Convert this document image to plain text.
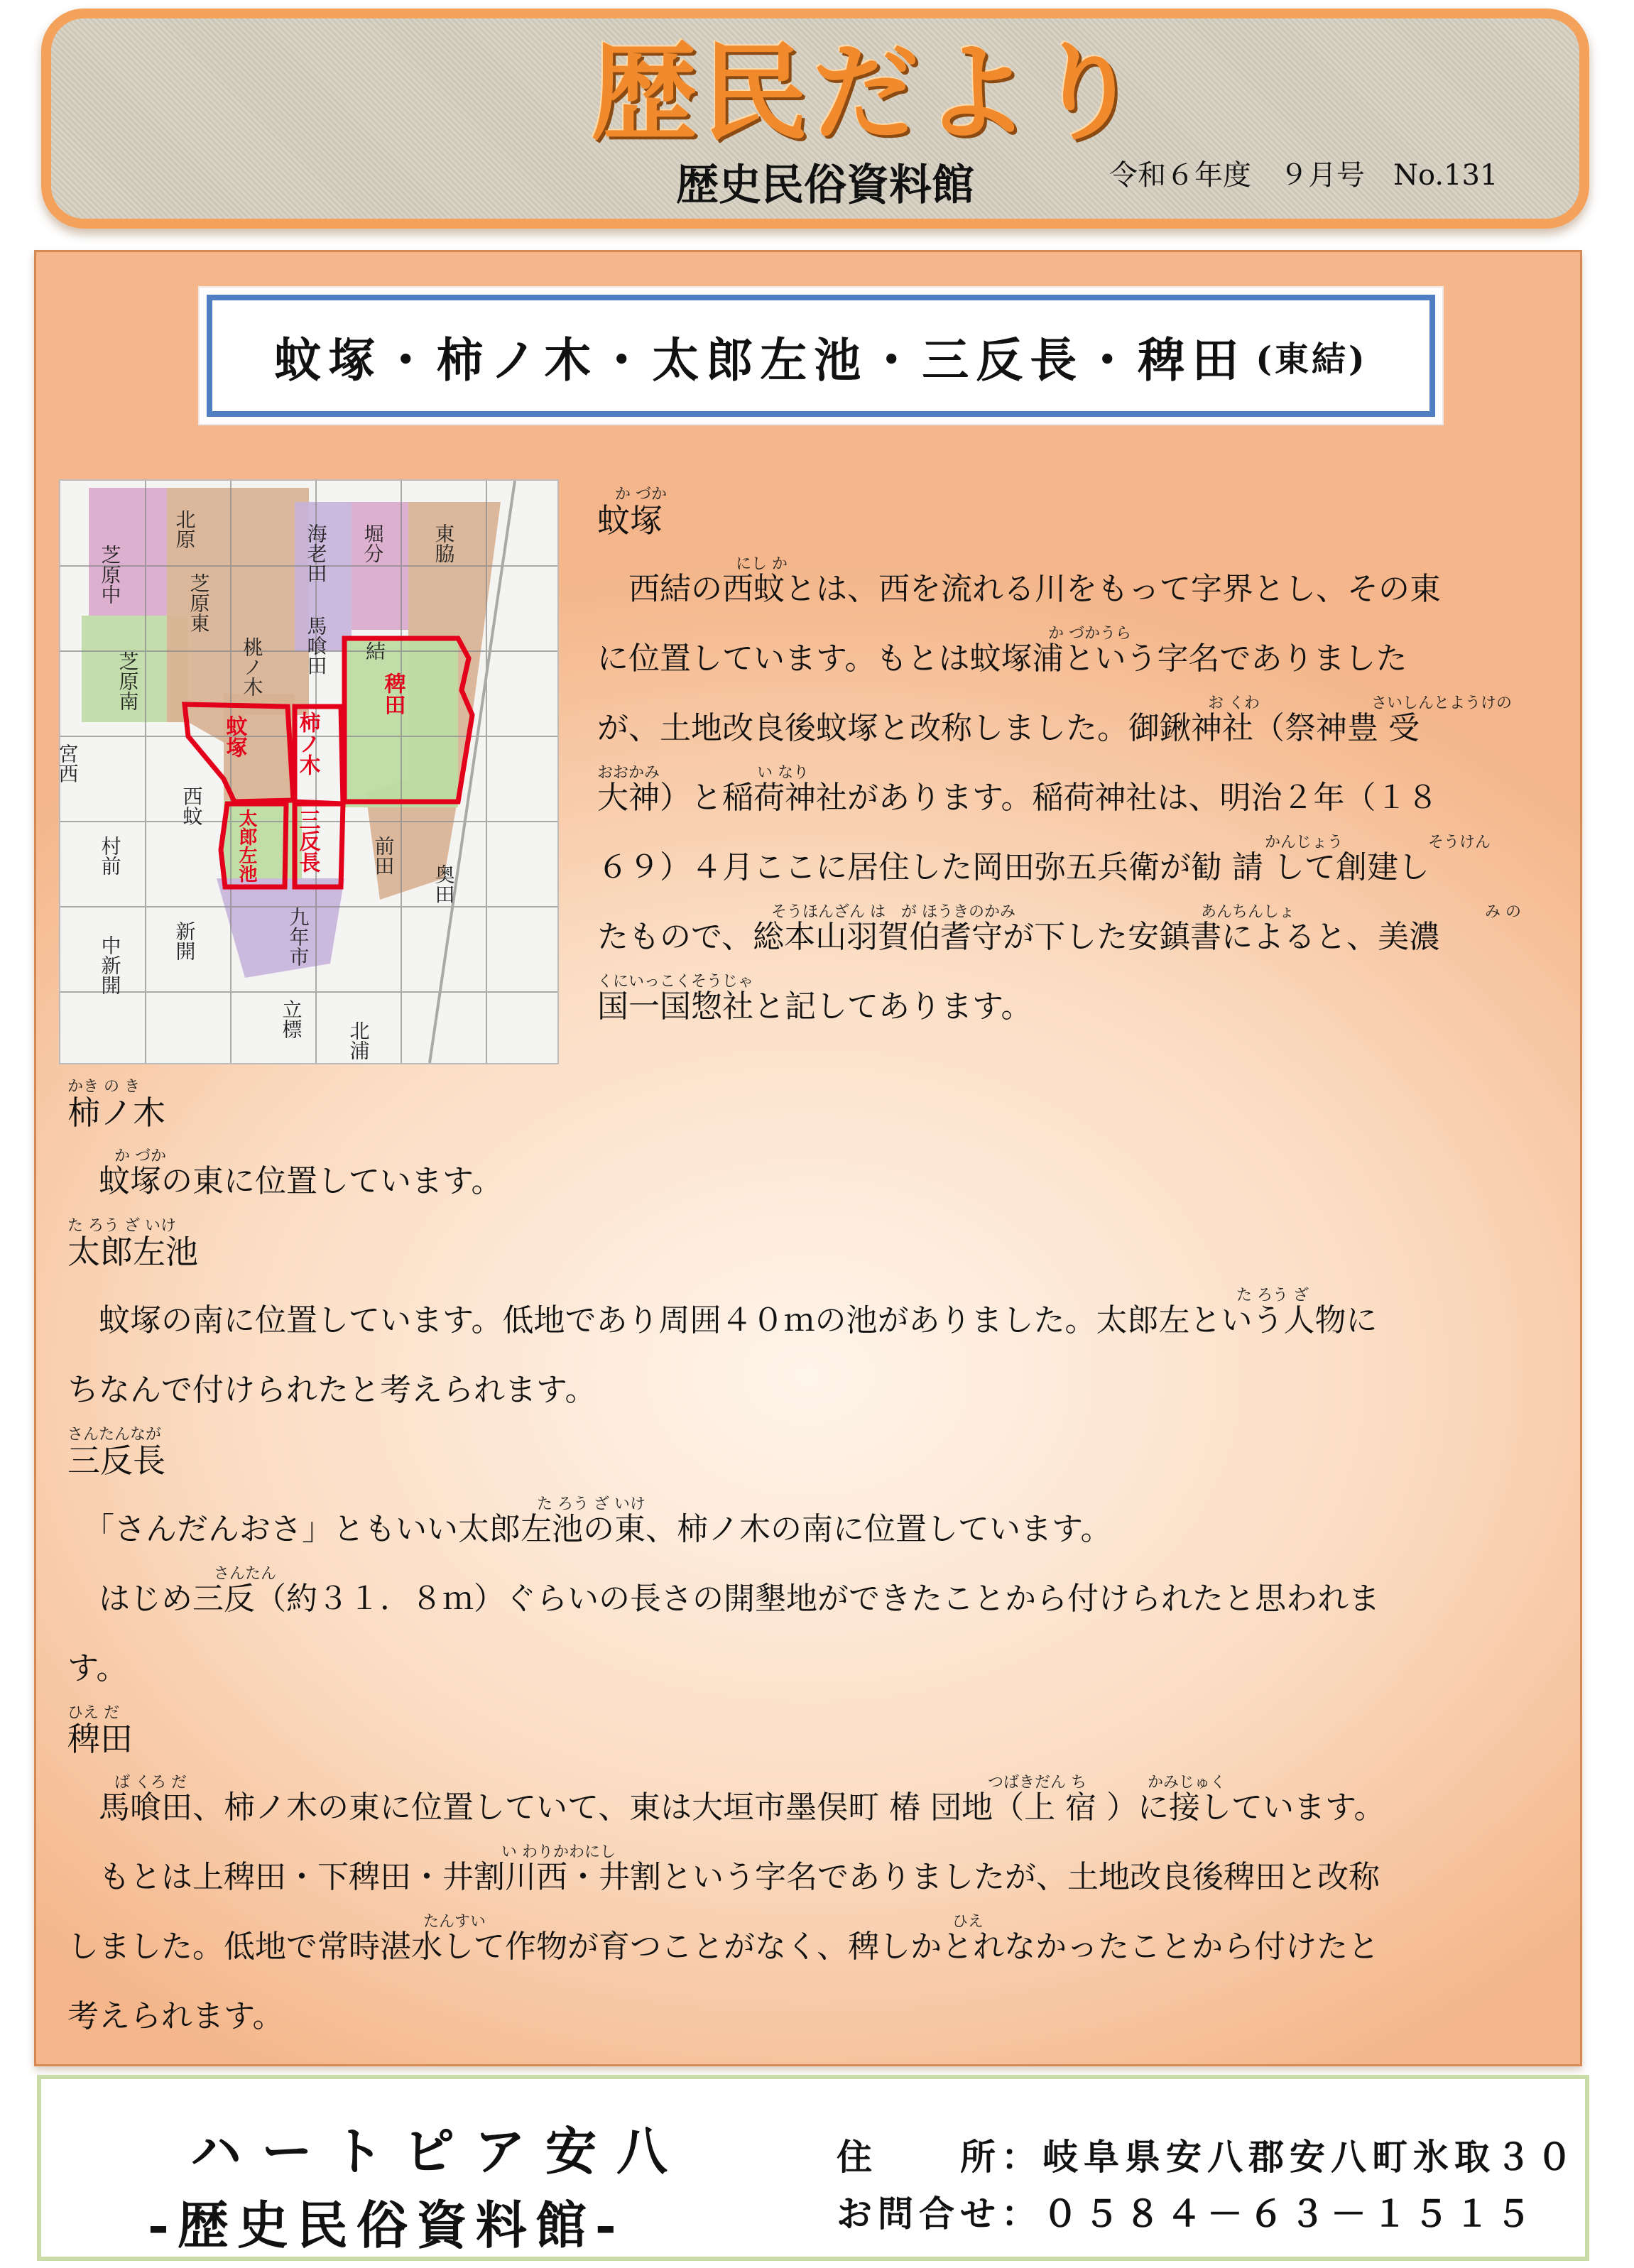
歴民だより
歴史民俗資料館	令和６年度　９月号　No.131
蚊塚・柿ノ木・太郎左池・三反長・稗田 (東結)
北原
芝原中	芝原東
芝原南	桃ノ木
海老田
馬喰田
堀分 東脇
結
宮西
西蚊
村前
中新開	新開	九年市
前田
奥田
立標
北浦
蚊塚 柿ノ木
稗田
太郎左池 三反長
か づか
蚊塚
にし か
　西結の西蚊とは、西を流れる川をもって字界とし、その東
か づかうら
に位置しています。もとは蚊塚浦という字名でありました
お くわ	さいしんとようけの
が、土地改良後蚊塚と改称しました。御鍬神社（祭神豊 受
おおかみ	い なり
大神）と稲荷神社があります。稲荷神社は、明治２年（１８
かんじょう	そうけん
６９）４月ここに居住した岡田弥五兵衛が勧 請 して創建し
そうほんざん は　が ほうきのかみ	あんちんしょ	み の
たもので、総本山羽賀伯耆守が下した安鎮書によると、美濃
くにいっこくそうじゃ
国一国惣社と記してあります。
かき の き
柿ノ木
か づか
　蚊塚の東に位置しています。
た ろう ざ いけ
太郎左池
た ろう ざ
　蚊塚の南に位置しています。低地であり周囲４０ｍの池がありました。太郎左という人物に
ちなんで付けられたと考えられます。
さんたんなが
三反長
た ろう ざ いけ
　「さんだんおさ」ともいい太郎左池の東、柿ノ木の南に位置しています。
さんたん
　はじめ三反（約３１．８ｍ）ぐらいの長さの開墾地ができたことから付けられたと思われま
す。
ひえ だ
稗田
ば くろ だ	つばきだん ち	かみじゅく
　馬喰田、柿ノ木の東に位置していて、東は大垣市墨俣町 椿 団地（上 宿 ）に接しています。
い わりかわにし
　もとは上稗田・下稗田・井割川西・井割という字名でありましたが、土地改良後稗田と改称
たんすい	ひえ
しました。低地で常時湛水して作物が育つことがなく、稗しかとれなかったことから付けたと
考えられます。
ハートピア安八
‐歴史民俗資料館‐
住　　所：岐阜県安八郡安八町氷取３０
お問合せ：０５８４－６３－１５１５
